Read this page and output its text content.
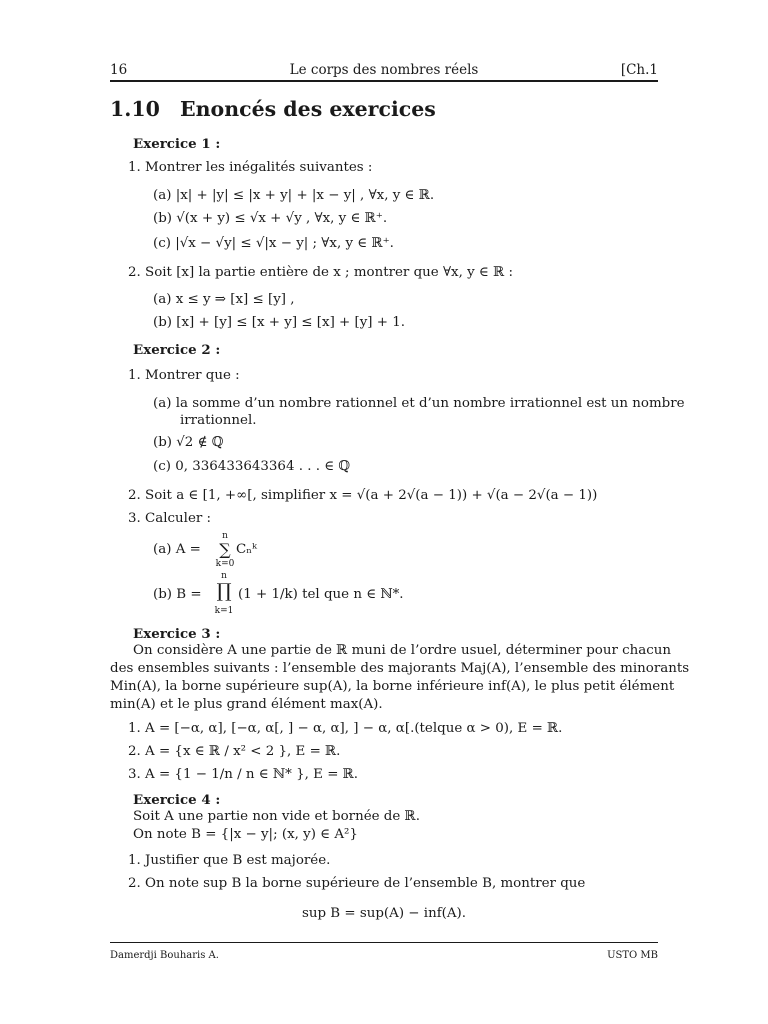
16	Le corps des nombres réels	[Ch.1
1.10 Enoncés des exercices
Exercice 1 :
1. Montrer les inégalités suivantes :
(a) |x| + |y| ≤ |x + y| + |x − y| , ∀x, y ∈ ℝ.
(b) √(x + y) ≤ √x + √y , ∀x, y ∈ ℝ⁺.
(c) |√x − √y| ≤ √|x − y| ; ∀x, y ∈ ℝ⁺.
2. Soit [x] la partie entière de x ; montrer que ∀x, y ∈ ℝ :
(a) x ≤ y ⇒ [x] ≤ [y] ,
(b) [x] + [y] ≤ [x + y] ≤ [x] + [y] + 1.
Exercice 2 :
1. Montrer que :
(a) la somme d’un nombre rationnel et d’un nombre irrationnel est un nombre
irrationnel.
(b) √2 ∉ ℚ
(c) 0, 336433643364 . . . ∈ ℚ
2. Soit a ∈ [1, +∞[, simplifier x = √(a + 2√(a − 1)) + √(a − 2√(a − 1))
3. Calculer :
(a) A =
n
∑
k=0
Cₙᵏ
(b) B =
n
∏
k=1
(1 + 1/k) tel que n ∈ ℕ*.
Exercice 3 :
On considère A une partie de ℝ muni de l’ordre usuel, déterminer pour chacun
des ensembles suivants : l’ensemble des majorants Maj(A), l’ensemble des minorants
Min(A), la borne supérieure sup(A), la borne inférieure inf(A), le plus petit élément
min(A) et le plus grand élément max(A).
1. A = [−α, α], [−α, α[, ] − α, α], ] − α, α[.(telque α > 0), E = ℝ.
2. A = {x ∈ ℝ / x² < 2 }, E = ℝ.
3. A = {1 − 1/n / n ∈ ℕ* }, E = ℝ.
Exercice 4 :
Soit A une partie non vide et bornée de ℝ.
On note B = {|x − y|; (x, y) ∈ A²}
1. Justifier que B est majorée.
2. On note sup B la borne supérieure de l’ensemble B, montrer que
sup B = sup(A) − inf(A).
Damerdji Bouharis A.	USTO MB
